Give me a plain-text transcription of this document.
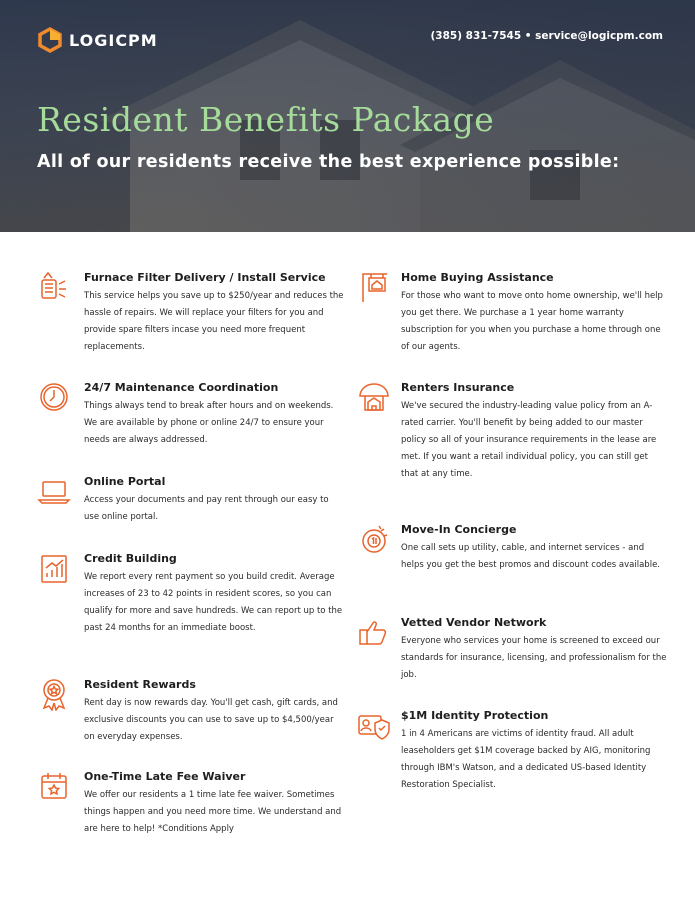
LOGICPM	(385) 831-7545 • service@logicpm.com
Resident Benefits Package
All of our residents receive the best experience possible:
Furnace Filter Delivery / Install Service

This service helps you save up to $250/year and reduces the hassle of repairs. We will replace your filters for you and provide spare filters incase you need more frequent replacements.

24/7 Maintenance Coordination

Things always tend to break after hours and on weekends. We are available by phone or online 24/7 to ensure your needs are always addressed.

Online Portal

Access your documents and pay rent through our easy to use online portal.

Credit Building

We report every rent payment so you build credit. Average increases of 23 to 42 points in resident scores, so you can qualify for more and save hundreds. We can report up to the past 24 months for an immediate boost.

Resident Rewards

Rent day is now rewards day. You'll get cash, gift cards, and exclusive discounts you can use to save up to $4,500/year on everyday expenses.

One-Time Late Fee Waiver

We offer our residents a 1 time late fee waiver. Sometimes things happen and you need more time. We understand and are here to help! *Conditions Apply

Home Buying Assistance

For those who want to move onto home ownership, we'll help you get there. We purchase a 1 year home warranty subscription for you when you purchase a home through one of our agents.

Renters Insurance

We've secured the industry-leading value policy from an A-rated carrier. You'll benefit by being added to our master policy so all of your insurance requirements in the lease are met. If you want a retail individual policy, you can still get that at any time.

Move-In Concierge

One call sets up utility, cable, and internet services - and helps you get the best promos and discount codes available.

Vetted Vendor Network

Everyone who services your home is screened to exceed our standards for insurance, licensing, and professionalism for the job.

$1M Identity Protection

1 in 4 Americans are victims of identity fraud. All adult leaseholders get $1M coverage backed by AIG, monitoring through IBM's Watson, and a dedicated US-based Identity Restoration Specialist.
